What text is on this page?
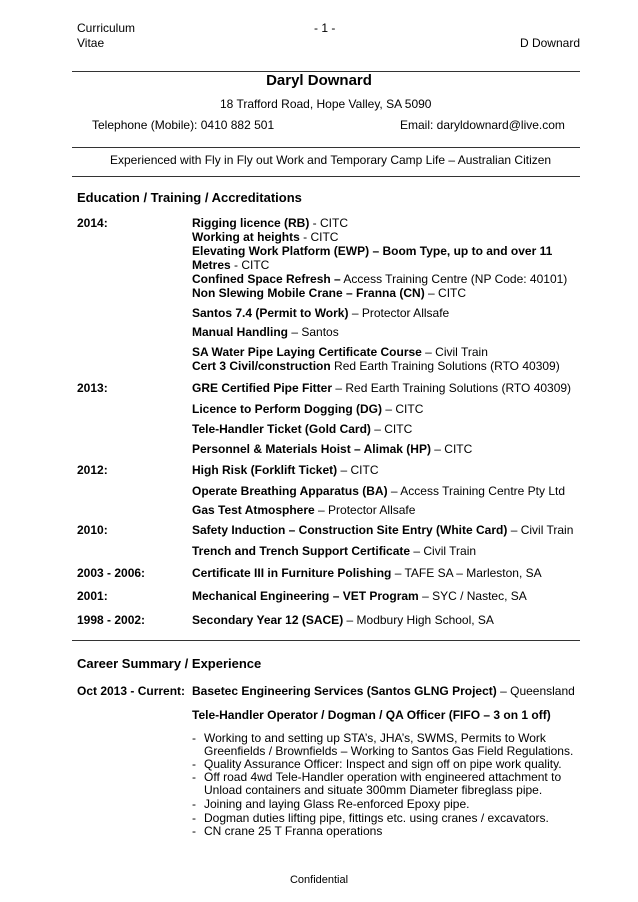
Curriculum
Vitae
- 1 -
D Downard
Daryl Downard
18 Trafford Road, Hope Valley, SA 5090
Telephone (Mobile): 0410 882 501	Email: daryldownard@live.com
Experienced with Fly in Fly out Work and Temporary Camp Life – Australian Citizen
Education / Training / Accreditations
2014:
2013:
2012:
2010:
2003 - 2006:
2001:
1998 - 2002:
Rigging licence (RB) - CITC
Working at heights - CITC
Elevating Work Platform (EWP) – Boom Type, up to and over 11
Metres - CITC
Confined Space Refresh – Access Training Centre (NP Code: 40101)
Non Slewing Mobile Crane – Franna (CN) – CITC
Santos 7.4 (Permit to Work) – Protector Allsafe
Manual Handling – Santos
SA Water Pipe Laying Certificate Course – Civil Train
Cert 3 Civil/construction Red Earth Training Solutions (RTO 40309)
GRE Certified Pipe Fitter – Red Earth Training Solutions (RTO 40309)
Licence to Perform Dogging (DG) – CITC
Tele-Handler Ticket (Gold Card) – CITC
Personnel & Materials Hoist – Alimak (HP) – CITC
High Risk (Forklift Ticket) – CITC
Operate Breathing Apparatus (BA) – Access Training Centre Pty Ltd
Gas Test Atmosphere – Protector Allsafe
Safety Induction – Construction Site Entry (White Card) – Civil Train
Trench and Trench Support Certificate – Civil Train
Certificate III in Furniture Polishing – TAFE SA – Marleston, SA
Mechanical Engineering – VET Program – SYC / Nastec, SA
Secondary Year 12 (SACE) – Modbury High School, SA
Career Summary / Experience
Oct 2013 - Current: Basetec Engineering Services (Santos GLNG Project) – Queensland
Tele-Handler Operator / Dogman / QA Officer (FIFO – 3 on 1 off)
- Working to and setting up STA’s, JHA’s, SWMS, Permits to Work
Greenfields / Brownfields – Working to Santos Gas Field Regulations.
- Quality Assurance Officer: Inspect and sign off on pipe work quality.
- Off road 4wd Tele-Handler operation with engineered attachment to
Unload containers and situate 300mm Diameter fibreglass pipe.
- Joining and laying Glass Re-enforced Epoxy pipe.
- Dogman duties lifting pipe, fittings etc. using cranes / excavators.
- CN crane 25 T Franna operations
Confidential
